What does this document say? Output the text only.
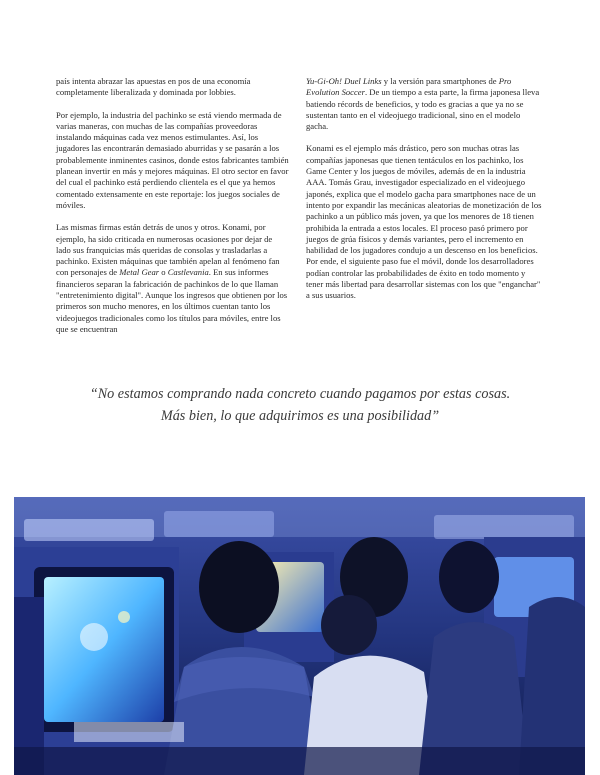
país intenta abrazar las apuestas en pos de una economía completamente liberalizada y dominada por lobbies.

Por ejemplo, la industria del pachinko se está viendo mermada de varias maneras, con muchas de las compañías proveedoras instalando máquinas cada vez menos estimulantes. Así, los jugadores las encontrarán demasiado aburridas y se pasarán a los probablemente inminentes casinos, donde estos fabricantes también planean invertir en más y mejores máquinas. El otro sector en favor del cual el pachinko está perdiendo clientela es el que ya hemos comentado extensamente en este reportaje: los juegos sociales de móviles.

Las mismas firmas están detrás de unos y otros. Konami, por ejemplo, ha sido criticada en numerosas ocasiones por dejar de lado sus franquicias más queridas de consolas y trasladarlas a pachinko. Existen máquinas que también apelan al fenómeno fan con personajes de Metal Gear o Castlevania. En sus informes financieros separan la fabricación de pachinkos de lo que llaman "entretenimiento digital". Aunque los ingresos que obtienen por los primeros son mucho menores, en los últimos cuentan tanto los videojuegos tradicionales como los títulos para móviles, entre los que se encuentran

Yu-Gi-Oh! Duel Links y la versión para smartphones de Pro Evolution Soccer. De un tiempo a esta parte, la firma japonesa lleva batiendo récords de beneficios, y todo es gracias a que ya no se sustentan tanto en el videojuego tradicional, sino en el modelo gacha.

Konami es el ejemplo más drástico, pero son muchas otras las compañías japonesas que tienen tentáculos en los pachinko, los Game Center y los juegos de móviles, además de en la industria AAA. Tomás Grau, investigador especializado en el videojuego japonés, explica que el modelo gacha para smartphones nace de un intento por expandir las mecánicas aleatorias de monetización de los pachinko a un público más joven, ya que los menores de 18 tienen prohibida la entrada a estos locales. El proceso pasó primero por juegos de grúa físicos y demás variantes, pero el incremento en habilidad de los jugadores condujo a un descenso en los beneficios. Por ende, el siguiente paso fue el móvil, donde los desarrolladores podían controlar las probabilidades de éxito en todo momento y tener más libertad para desarrollar sistemas con los que "enganchar" a sus usuarios.

“No estamos comprando nada concreto cuando pagamos por estas cosas.
Más bien, lo que adquirimos es una posibilidad”
